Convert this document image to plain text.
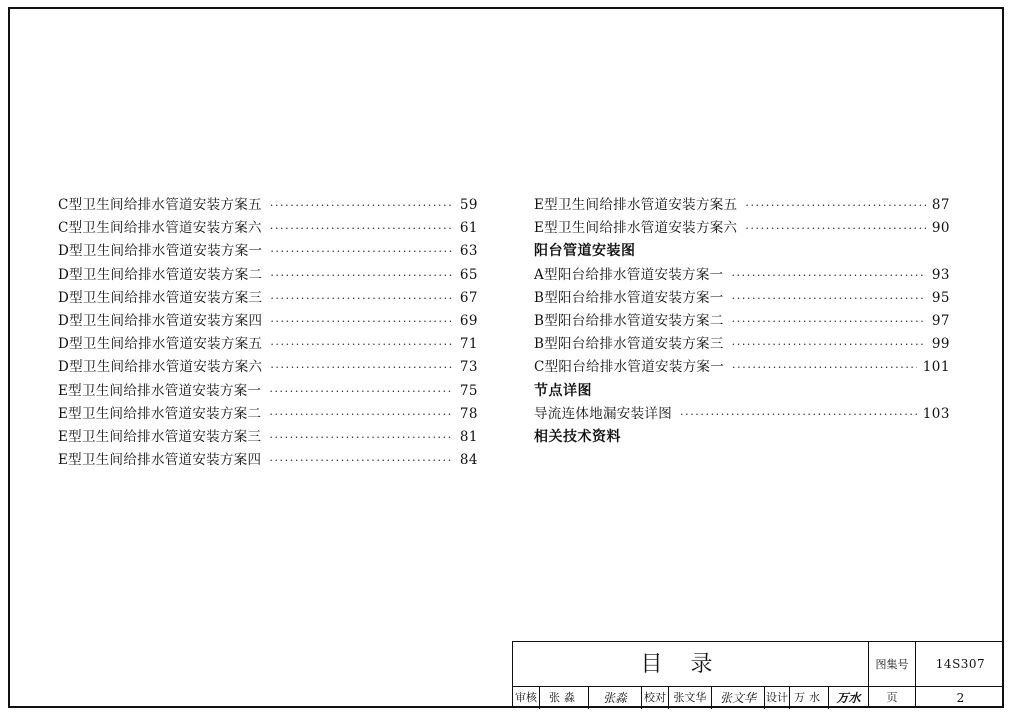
C型卫生间给排水管道安装方案五 ·····	59
C型卫生间给排水管道安装方案六 ·····	61
D型卫生间给排水管道安装方案一 ·····	63
D型卫生间给排水管道安装方案二 ·····	65
D型卫生间给排水管道安装方案三 ·····	67
D型卫生间给排水管道安装方案四 ·····	69
D型卫生间给排水管道安装方案五 ·····	71
D型卫生间给排水管道安装方案六 ·····	73
E型卫生间给排水管道安装方案一 ·····	75
E型卫生间给排水管道安装方案二 ·····	78
E型卫生间给排水管道安装方案三 ·····	81
E型卫生间给排水管道安装方案四 ·····	84
E型卫生间给排水管道安装方案五 ·····	87
E型卫生间给排水管道安装方案六 ·····	90
阳台管道安装图
A型阳台给排水管道安装方案一 ·····	93
B型阳台给排水管道安装方案一 ·····	95
B型阳台给排水管道安装方案二 ·····	97
B型阳台给排水管道安装方案三 ·····	99
C型阳台给排水管道安装方案一 ·····	101
节点详图
导流连体地漏安装详图 ·····	103
相关技术资料
目录	图集号	14S307
审核	张淼	张淼	校对 张文华	张文华 设计 万水	万水	页	2
